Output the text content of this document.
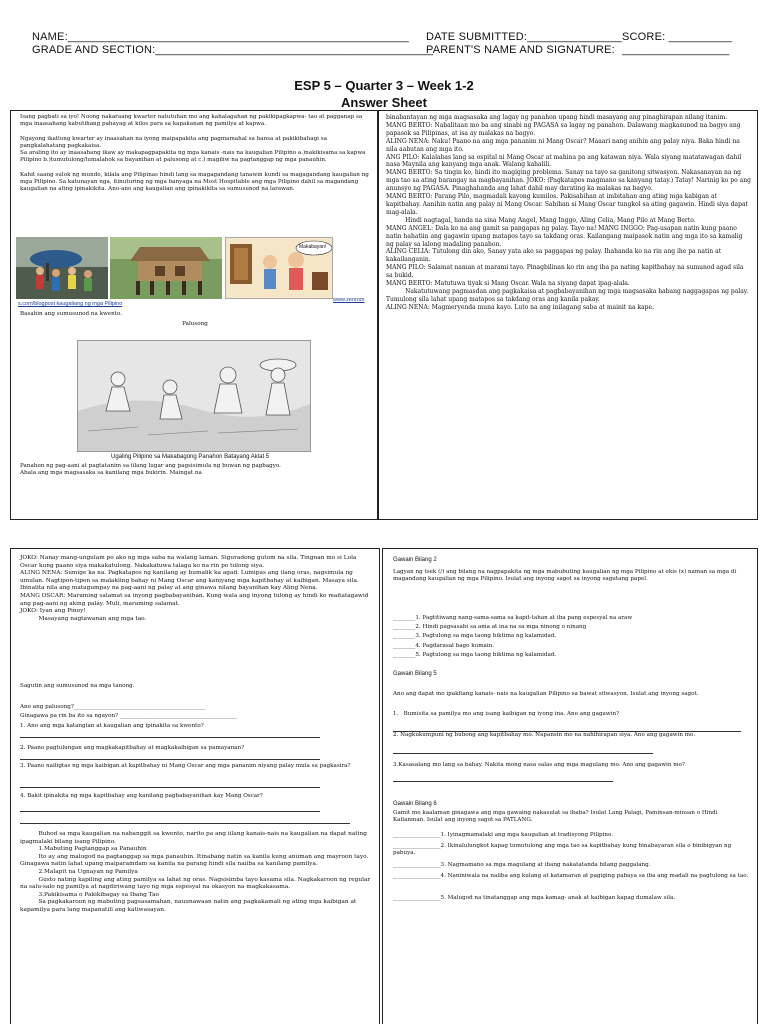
NAME:______________________________________________________ DATE SUBMITTED:_______________ SCORE: __________
GRADE AND SECTION:____________________________________________
PARENT'S NAME AND SIGNATURE: _________________
ESP 5 – Quarter 3 – Week 1-2
Answer Sheet
Isang pagbati sa iyo! Noong nakaraang kwarter natutuhan mo ang kahalagahan ng pakikipagkapwa- tao at pagganap sa mga inaasahang kabutihang pahayag at kilos para sa kapakanan ng pamilya at kapwa.

Ngayong ikatlong kwarter ay inaasahan na iyong maipapakita ang pagmamahal sa bansa at pakikibahagi sa pangkalahatang pagkakaisa.
Sa araling ito ay inaasahang ikaw ay makapagpapakita ng mga kanais -nais na kaugalian Pilipino a.)nakikisama sa kapwa Pilipino b.)tumutulong/lumalahok sa bayanihan at palusong at c.) magiliw na pagtanggap ng mga panauhin.

Kahit saang sulok ng mundo, kilala ang Pilipinas hindi lang sa magagandang tanawin kundi sa magagandang kaugalian ng mga Pilipino. Sa katunayan nga, itinuturing ng mga banyaga na Most Hospitable ang mga Pilipino dahil sa magandang kaugalian na ating ipinakikita. Ano-ano ang kaugalian ang ipinakikita sa sumusunod na larawan.
Makabayan!
s.com/blogpost kaugaliang ng mga Pilipino
www.zenrom
Basahin ang sumusunod na kwento.
Palusong
Ugaling Pilipino sa Makabagong Panahon Batayang Aklat 5
Panahon ng pag-aani at pagtatanim sa iilang lugar ang pagsisimula ng buwan ng pagbagyo.
Abala ang mga magsasaka sa kanilang mga bukirin. Maingat na
binabantayan ng mga magsasaka ang lagay ng panahon upang hindi masayang ang pinaghirapan nilang itanim.
MANG BERTO: Nabalitaan mo ba ang sinabi ng PAGASA sa lagay ng panahon. Dalawang magkasunod na bagyo ang papasok sa Pilipinas, at isa ay malakas na bagyo.
ALING NENA: Naku! Paano na ang mga pananim ni Mang Oscar? Maaari nang anihin ang palay niya. Baka hindi na nila aabutan ang mga ito.
ANG PILO: Kalalabas lang sa ospital ni Mang Oscar at mahina pa ang katawan niya. Wala siyang matatawagan dahil nasa Maynila ang kanyang mga anak. Walang kahalili.
MANG BERTO: Sa tingin ko, hindi ito magiging problema. Sanay na tayo sa ganitong sitwasyon. Nakasanayan na ng mga tao sa ating barangay na magbayanihan. JOKO: (Pagkatapos magmano sa kanyang tatay.) Tatay! Narinig ko po ang anunsyo ng PAGASA. Pinaghahanda ang lahat dahil may darating ka malakas na bagyo.
MANG BERTO: Parang Pilo, magmadali kayong kumilos. Pakisabihan at imbitahan ang ating mga kabigan at kapitbahay. Aanihin natin ang palay ni Mang Oscar. Sabihan si Mang Oscar tungkol sa ating gagawin. Hindi siya dapat mag-alala.
Hindi nagtagal, handa na sina Mang Angel, Mang Inggo, Aling Celia, Mang Pilo at Mang Berto.
MANG ANGEL: Dala ko na ang gamit sa pangapas ng palay. Tayo na! MANG INGGO: Pag-usapan natin kung paano natin hahatiin ang gagawin upang matapos tayo sa takdang oras. Kailangang maipasok natin ang mga ito sa kamalig ng palay sa lalong madaling panahon.
ALING CELIA: Tutulong din ako, Sanay yata ako sa paggapas ng palay. Ihahanda ko na rin ang ihe pa natin at kakailanganin.
MANG PILO: Salamat naman at marami tayo. Pinagbilinan ko rin ang iba pa nating kapitbahay na sumunod agad sila sa bukid.
MANG BERTO: Matutuwa tiyak si Mang Oscar. Wala na siyang dapat ipag-alala.
Nakatutuwang pagmasdan ang pagkakaisa at pagbabayanihan ng mga magsasaka habang naggagapas ng palay. Tumulong sila lahat upang matapos sa takdang oras ang kanila pakay.
ALING NENA: Magmeryenda muna kayo. Luto na ang inilagang saba at mainit na kape.
JOKO: Nanay mang-ungulam po ako ng mga saba na walang laman. Siguradong gutom na sila. Tingnan mo si Lola Oscar kung paano siya makakatulong. Nakakatuwa talaga ko na rin po tulong siya.
ALING NENA: Sumige ka na. Pagkatapos ng kanilang ay bumalik ka agad. Lumipas ang ilang oras, nagsimula ng umulan. Nagtipon-tipon sa malakiing bahay ni Mang Oscar ang kaniyang mga kapitbahay at kaibigan. Masaya sila. Ibinalita nila ang matagumpay na pag-aani ng palay at ang ginawa nilang bayanihan kay Aling Nena.
MANG OSCAR: Maraming salamat sa inyong pagbabayanihan. Kung wala ang inyong tulong ay hindi ko maitatagawid ang pag-aani ng aking palay. Muli, maraming salamat.
JOKO: Iyan ang Pinoy!
Masayang nagtawanan ang mga tao.
Sagutin ang sumusunod na mga tanong.
Ano ang palusong?_______________________________________________
Ginagawa pa rin ba ito sa ngayon? __________________________________________
1. Ano ang mga katangian at kaugalian ang ipinakita sa kwento?
2. Paano pagtulungan ang magkakapitbahay at magkakaibigan sa pamayanan?
3. Paano nailigtas ng mga kaibigan at kapitbahay ni Mang Oscar ang mga pananim niyang palay mula sa pagkasira?
4. Bakit ipinakita ng mga kapitbahay ang kanilang pagbabayanihan kay Mang Oscar?
Buhod sa mga kaugalian na nabanggit sa kwento, narito pa ang iilang kanais-nais na kaugalian na dapat nating ipagmalaki bilang isang Pilipino.
1.Mabuting Pagtanggap sa Panauhin
Ito ay ang malugod na pagtanggap sa mga panauhin. Itinabang natin sa kanila kung anuman ang mayroon tayo. Ginagawa natin lahat upang maiparamdam sa kanila na parang hindi sila naiiba sa kanilang pamilya.
2.Malapit na Ugnayan ng Pamilya
Gusto nating kapiling ang ating pamilya sa lahat ng oras. Nagsisimba tayo kasama sila. Nagkakaroon ng regular na salu-salo ng pamilya at nagdiriwang tayo ng mga espesyal na okasyon na magkakasama.
3.Pakikisama o Pakikibagay sa Ibang Tao
Sa pagkakaroon ng mabuting pagsasamahan, nauunawaan natin ang pagkakamali ng ating mga kaibigan at kapamilya para lang mapanatili ang katiwasayan.
Gawain Bilang 2
Lagyan ng tsek (/) ang bilang na nagpapakita ng mga mabubuting kaugalian ng mga Pilipino at ekis (x) naman sa mga di magandang kaugalian ng mga Pilipino. Isulat ang inyong sagot sa inyong sagutang papel.
________1. Pagtitiwang nang-sama-sama sa kapit-tahan at iba pang espesyal na araw
________2. Hindi pagsasabi sa ama at ina na sa mga ninong o ninang
________3. Pagtulong sa mga taong biktima ng kalamidad.
________4. Pagdarasal bago kumain.
________5. Pagtulong sa mga taong biktima ng kalamidad.
Gawain Bilang 5
Ano ang dapat mo ipakitang kanais- nais na kaugalian Pilipino sa bawat sitwasyon. Isulat ang inyong sagot.
1.   Bumisita sa pamilya mo ang isang kaibigan ng iyong ina. Ano ang gagawin?
2. Nagkukumpuni ng bubong ang kapitbahay mo. Napansin mo na nahihirapan siya. Ano ang gagawin mo.
3.Kasasalang mo lang sa bahay. Nakita mong nasa salas ang mga magulang mo. Ano ang gagawin mo?
Gawain Bilang 6
Gamit mo kaalaman ginagawa ang mga gawaing nakasulat sa ibaba? Isulat Lang Palagi, Paminsan-minsan o Hindi Kailanman. Isulat ang inyong sagot sa PATLANG.
_________________1. Iyinagmamalaki ang mga kaugalian at tradisyong Pilipino.
_________________2. Ikinalulungkot kapag tumutulong ang mga tao sa kapitbahay kung binabayaran sila o binibigyan ng pabuya.
_________________3. Nagmamano sa mga magulang at ibang nakatatanda bilang paggalang.
_________________4. Naniniwala na naiiba ang kulang at katamaran at pagiging pabaya sa iba ang madali na pagtulong sa tao.
_________________5. Malugod na tinatanggap ang mga kamag- anak at kaibigan kapag dumalaw sila.
